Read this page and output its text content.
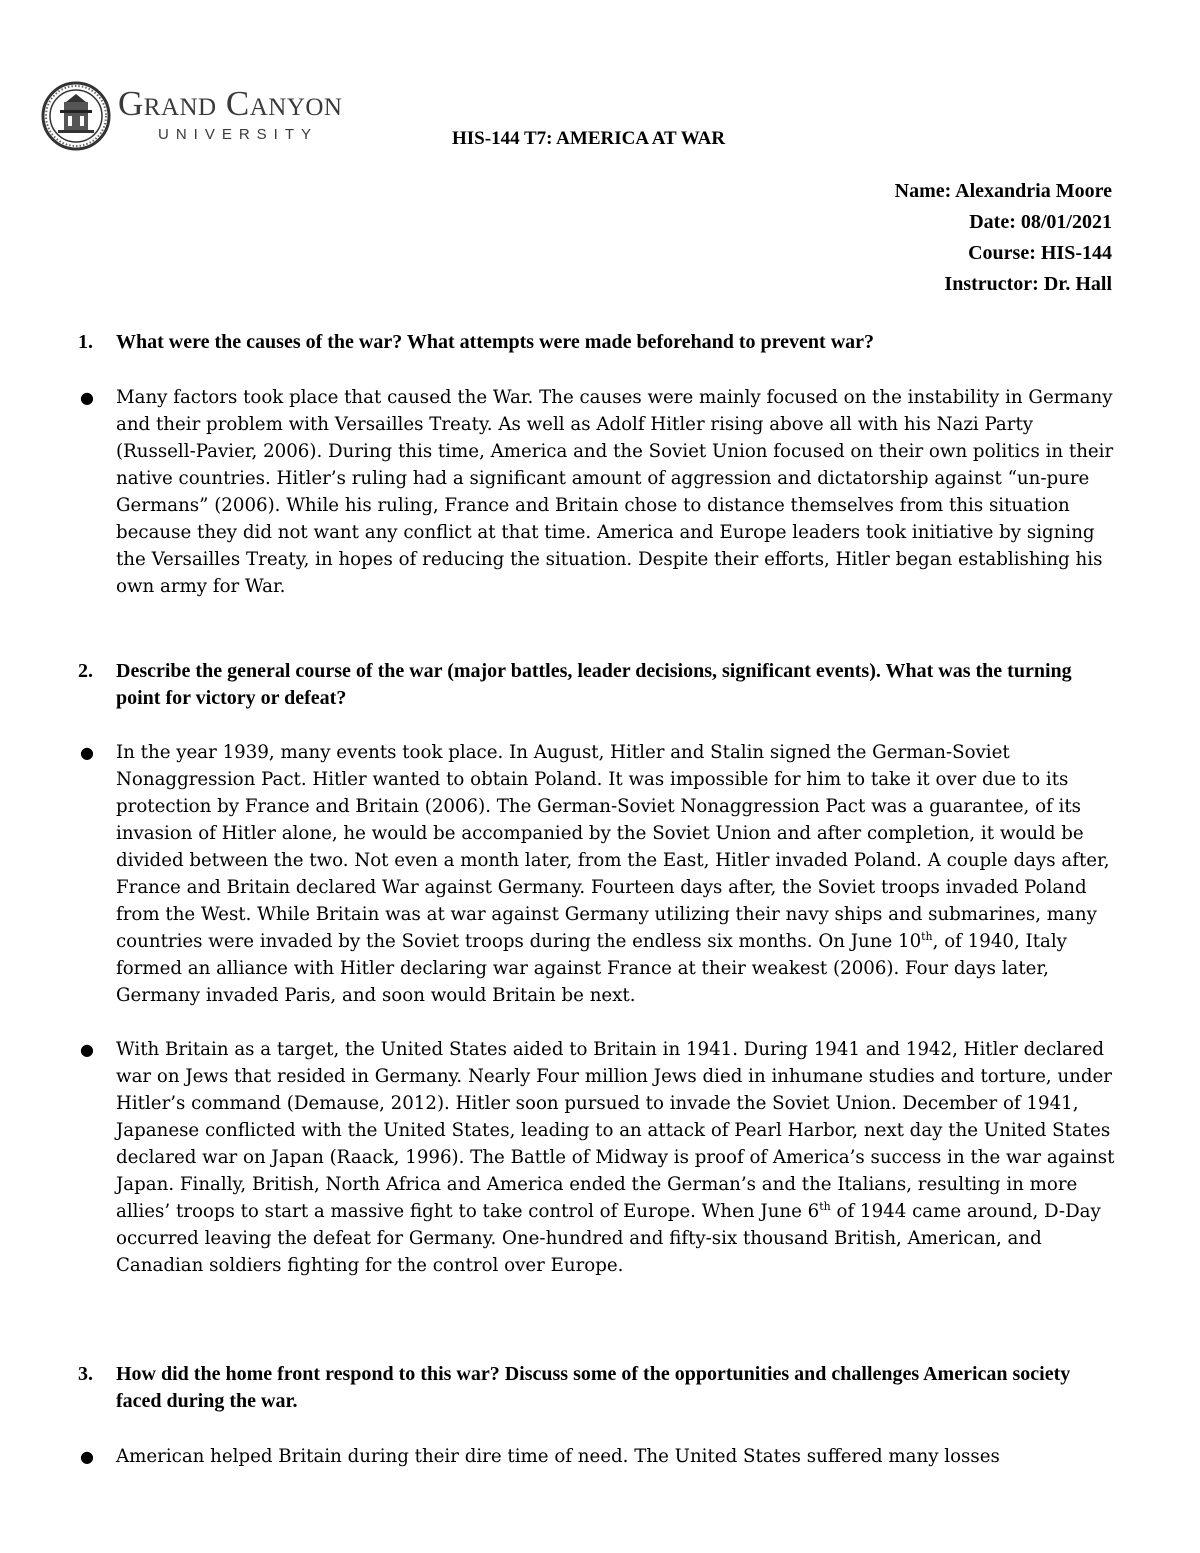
Grand Canyon
UNIVERSITY	HIS-144 T7: AMERICA AT WAR
Name: Alexandria Moore
Date: 08/01/2021
Course: HIS-144
Instructor: Dr. Hall
1. What were the causes of the war? What attempts were made beforehand to prevent war?
● Many factors took place that caused the War. The causes were mainly focused on the instability in Germany and their problem with Versailles Treaty. As well as Adolf Hitler rising above all with his Nazi Party (Russell-Pavier, 2006). During this time, America and the Soviet Union focused on their own politics in their native countries. Hitler’s ruling had a significant amount of aggression and dictatorship against “un-pure Germans” (2006). While his ruling, France and Britain chose to distance themselves from this situation because they did not want any conflict at that time. America and Europe leaders took initiative by signing the Versailles Treaty, in hopes of reducing the situation. Despite their efforts, Hitler began establishing his own army for War.
2. Describe the general course of the war (major battles, leader decisions, significant events). What was the turning point for victory or defeat?
● In the year 1939, many events took place. In August, Hitler and Stalin signed the German-Soviet Nonaggression Pact. Hitler wanted to obtain Poland. It was impossible for him to take it over due to its protection by France and Britain (2006). The German-Soviet Nonaggression Pact was a guarantee, of its invasion of Hitler alone, he would be accompanied by the Soviet Union and after completion, it would be divided between the two. Not even a month later, from the East, Hitler invaded Poland. A couple days after, France and Britain declared War against Germany. Fourteen days after, the Soviet troops invaded Poland from the West. While Britain was at war against Germany utilizing their navy ships and submarines, many countries were invaded by the Soviet troops during the endless six months. On June 10th, of 1940, Italy formed an alliance with Hitler declaring war against France at their weakest (2006). Four days later, Germany invaded Paris, and soon would Britain be next.
● With Britain as a target, the United States aided to Britain in 1941. During 1941 and 1942, Hitler declared war on Jews that resided in Germany. Nearly Four million Jews died in inhumane studies and torture, under Hitler’s command (Demause, 2012). Hitler soon pursued to invade the Soviet Union. December of 1941, Japanese conflicted with the United States, leading to an attack of Pearl Harbor, next day the United States declared war on Japan (Raack, 1996). The Battle of Midway is proof of America’s success in the war against Japan. Finally, British, North Africa and America ended the German’s and the Italians, resulting in more allies’ troops to start a massive fight to take control of Europe. When June 6th of 1944 came around, D-Day occurred leaving the defeat for Germany. One-hundred and fifty-six thousand British, American, and Canadian soldiers fighting for the control over Europe.
3. How did the home front respond to this war? Discuss some of the opportunities and challenges American society faced during the war.
● American helped Britain during their dire time of need. The United States suffered many losses
